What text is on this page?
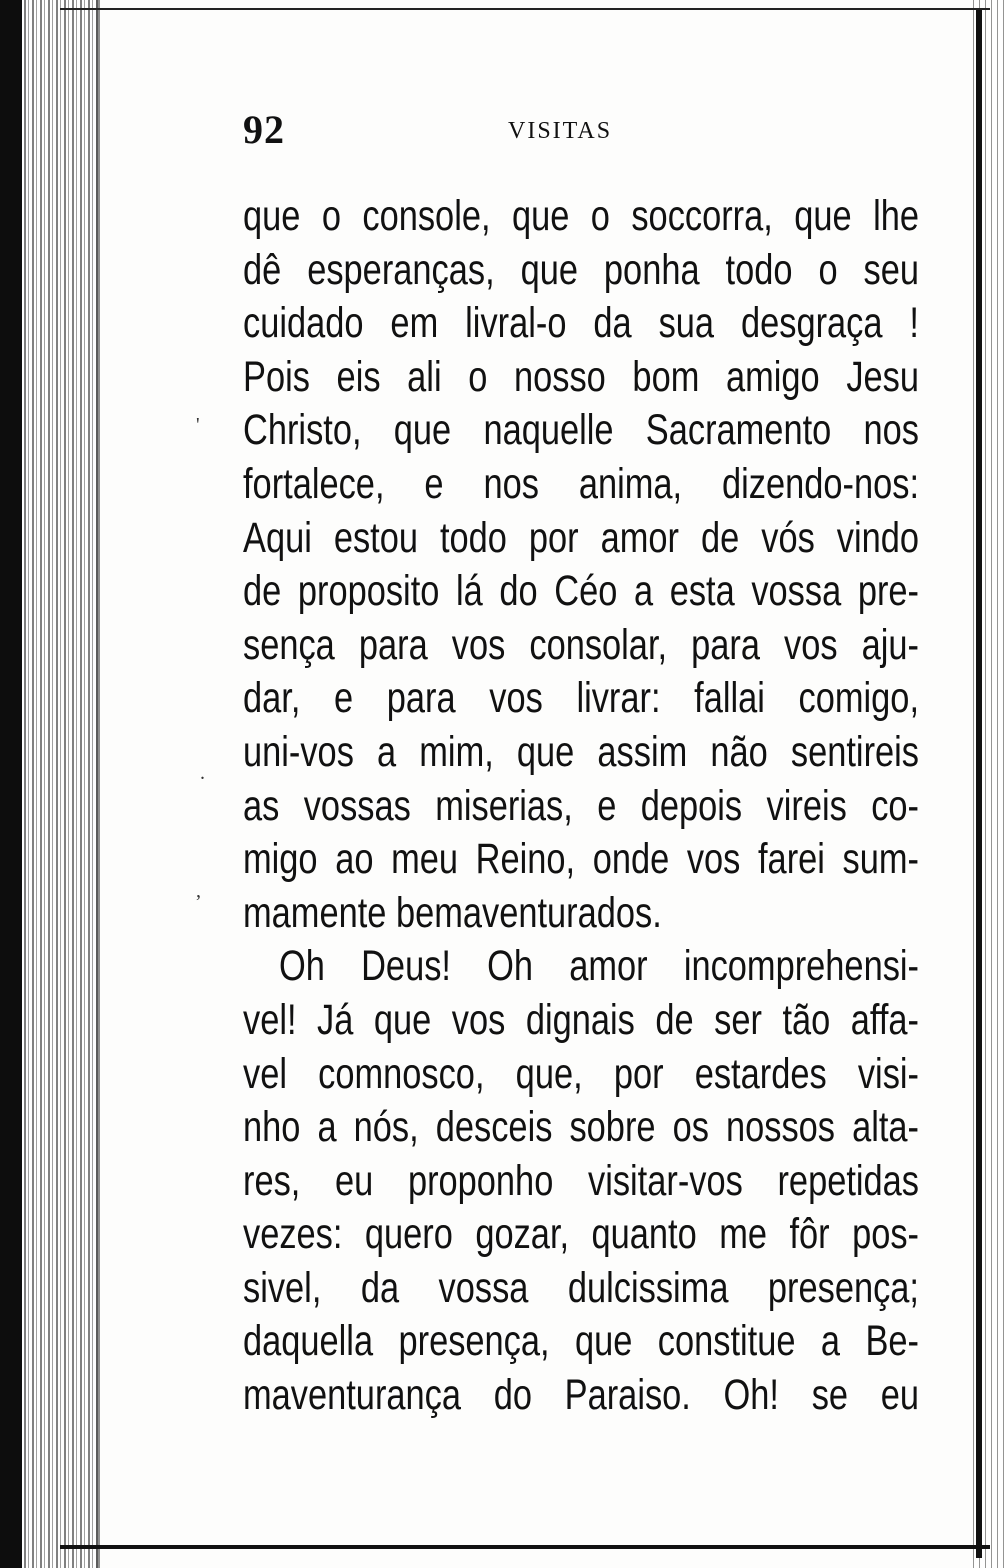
'
.
,
92	VISITAS
que o console, que o soccorra, que lhe
dê esperanças, que ponha todo o seu
cuidado em livral-o da sua desgraça !
Pois eis ali o nosso bom amigo Jesu
Christo, que naquelle Sacramento nos
fortalece, e nos anima, dizendo-nos:
Aqui estou todo por amor de vós vindo
de proposito lá do Céo a esta vossa pre-
sença para vos consolar, para vos aju-
dar, e para vos livrar: fallai comigo,
uni-vos a mim, que assim não sentireis
as vossas miserias, e depois vireis co-
migo ao meu Reino, onde vos farei sum-
mamente bemaventurados.
Oh Deus! Oh amor incomprehensi-
vel! Já que vos dignais de ser tão affa-
vel comnosco, que, por estardes visi-
nho a nós, desceis sobre os nossos alta-
res, eu proponho visitar-vos repetidas
vezes: quero gozar, quanto me fôr pos-
sivel, da vossa dulcissima presença;
daquella presença, que constitue a Be-
maventurança do Paraiso. Oh! se eu
